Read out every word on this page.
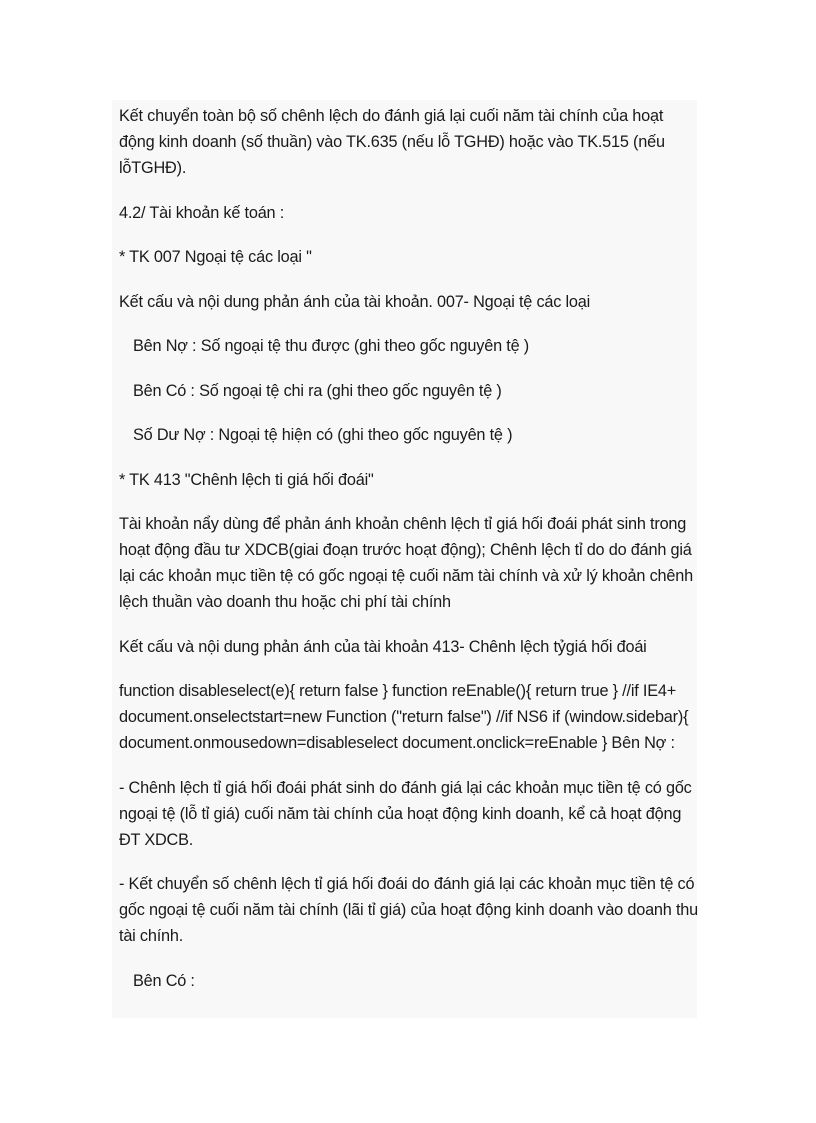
Kết chuyển toàn bộ số chênh lệch do đánh giá lại cuối năm tài chính của hoạt động kinh doanh (số thuần) vào TK.635 (nếu lỗ TGHĐ) hoặc vào TK.515 (nếu lỗTGHĐ).

4.2/ Tài khoản kế toán :

* TK 007 Ngoại tệ các loại "

Kết cấu và nội dung phản ánh của tài khoản. 007- Ngoại tệ các loại

Bên Nợ : Số ngoại tệ thu được (ghi theo gốc nguyên tệ )

Bên Có : Số ngoại tệ chi ra (ghi theo gốc nguyên tệ )

Số Dư Nợ : Ngoại tệ hiện có (ghi theo gốc nguyên tệ )

* TK 413 "Chênh lệch ti giá hối đoái"

Tài khoản nẩy dùng để phản ánh khoản chênh lệch tỉ giá hối đoái phát sinh trong hoạt động đầu tư XDCB(giai đoạn trước hoạt động); Chênh lệch tỉ do do đánh giá lại các khoản mục tiền tệ có gốc ngoại tệ cuối năm tài chính và xử lý khoản chênh lệch thuần vào doanh thu hoặc chi phí tài chính

Kết cấu và nội dung phản ánh của tài khoản 413- Chênh lệch tỷgiá hối đoái

function disableselect(e){ return false } function reEnable(){ return true } //if IE4+ document.onselectstart=new Function ("return false") //if NS6 if (window.sidebar){ document.onmousedown=disableselect document.onclick=reEnable } Bên Nợ :

- Chênh lệch tỉ giá hối đoái phát sinh do đánh giá lại các khoản mục tiền tệ có gốc ngoại tệ (lỗ tỉ giá) cuối năm tài chính của hoạt động kinh doanh, kể cả hoạt động ĐT XDCB.

- Kết chuyển số chênh lệch tỉ giá hối đoái do đánh giá lại các khoản mục tiền tệ có gốc ngoại tệ cuối năm tài chính (lãi tỉ giá) của hoạt động kinh doanh vào doanh thu tài chính.

Bên Có :
